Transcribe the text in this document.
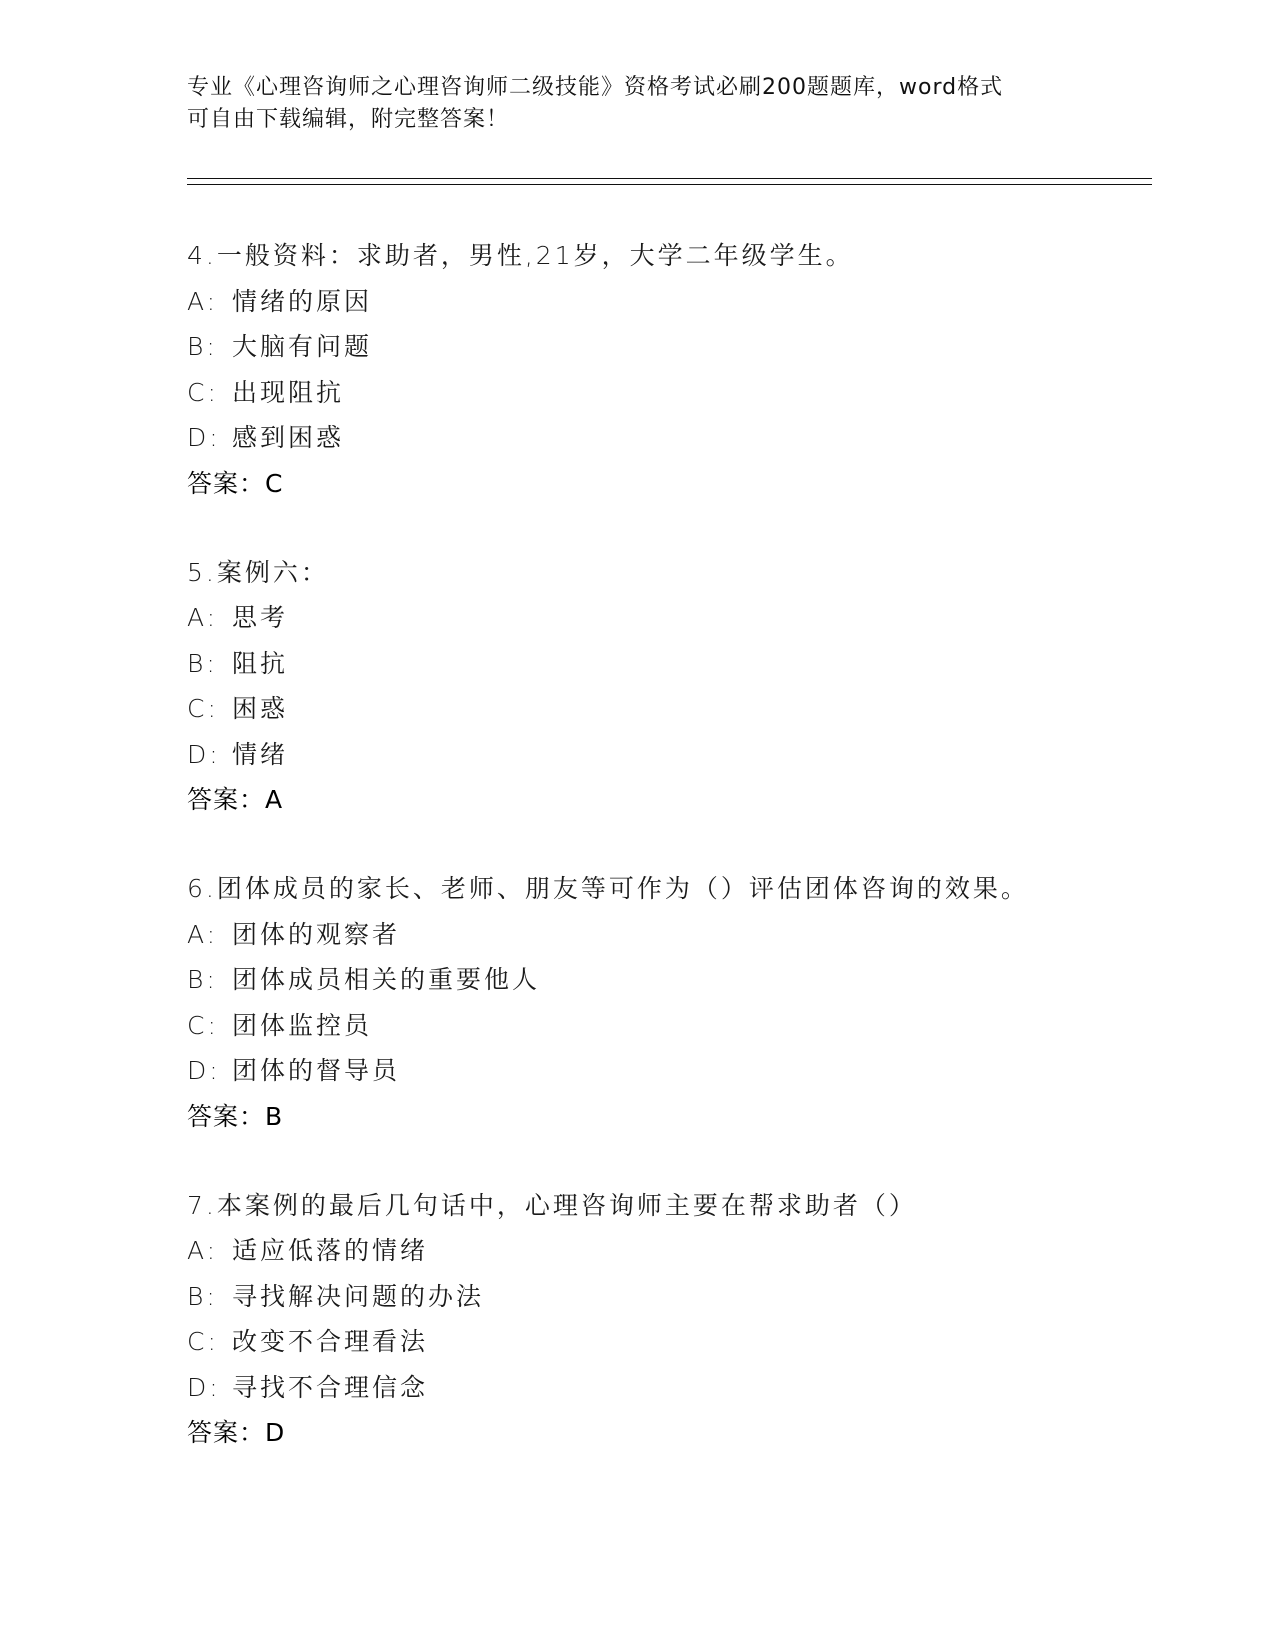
专业《心理咨询师之心理咨询师二级技能》资格考试必刷200题题库，word格式
可自由下载编辑，附完整答案！
4. 一般资料：求助者，男性,21岁，大学二年级学生。
A: 情绪的原因
B: 大脑有问题
C: 出现阻抗
D: 感到困惑
答案： C
5. 案例六：
A: 思考
B: 阻抗
C: 困惑
D: 情绪
答案： A
6. 团体成员的家长、老师、朋友等可作为（）评估团体咨询的效果。
A: 团体的观察者
B: 团体成员相关的重要他人
C: 团体监控员
D: 团体的督导员
答案： B
7. 本案例的最后几句话中，心理咨询师主要在帮求助者（）
A: 适应低落的情绪
B: 寻找解决问题的办法
C: 改变不合理看法
D: 寻找不合理信念
答案： D
